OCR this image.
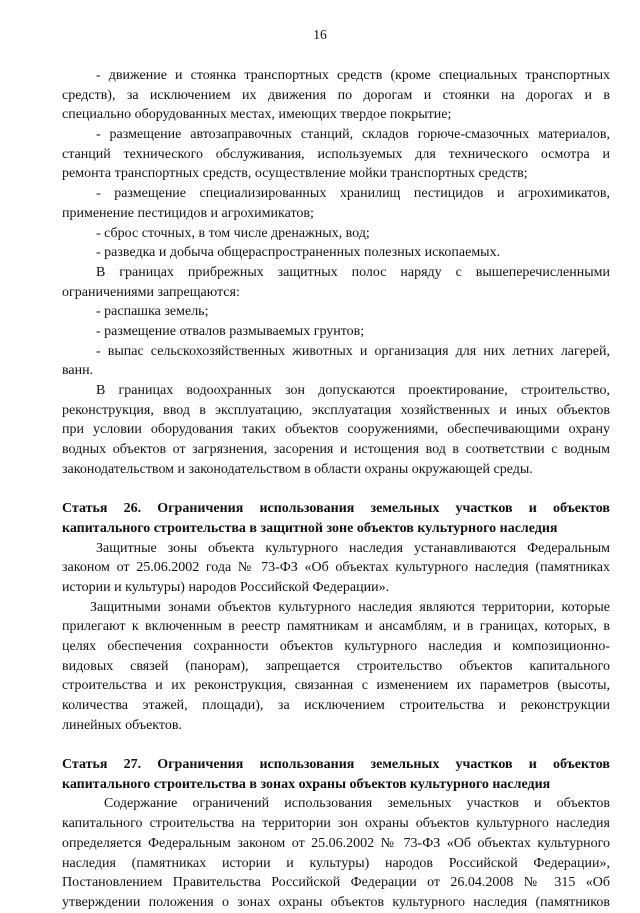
16
- движение и стоянка транспортных средств (кроме специальных транспортных
средств), за исключением их движения по дорогам и стоянки на дорогах и в
специально оборудованных местах, имеющих твердое покрытие;
- размещение автозаправочных станций, складов горюче-смазочных материалов,
станций технического обслуживания, используемых для технического осмотра и
ремонта транспортных средств, осуществление мойки транспортных средств;
- размещение специализированных хранилищ пестицидов и агрохимикатов,
применение пестицидов и агрохимикатов;
- сброс сточных, в том числе дренажных, вод;
- разведка и добыча общераспространенных полезных ископаемых.
В границах прибрежных защитных полос наряду с вышеперечисленными
ограничениями запрещаются:
- распашка земель;
- размещение отвалов размываемых грунтов;
- выпас сельскохозяйственных животных и организация для них летних лагерей,
ванн.
В границах водоохранных зон допускаются проектирование, строительство,
реконструкция, ввод в эксплуатацию, эксплуатация хозяйственных и иных объектов
при условии оборудования таких объектов сооружениями, обеспечивающими охрану
водных объектов от загрязнения, засорения и истощения вод в соответствии с водным
законодательством и законодательством в области охраны окружающей среды.
Статья 26. Ограничения использования земельных участков и объектов
капитального строительства в защитной зоне объектов культурного наследия
Защитные зоны объекта культурного наследия устанавливаются Федеральным
законом от 25.06.2002 года № 73-ФЗ «Об объектах культурного наследия (памятниках
истории и культуры) народов Российской Федерации».
Защитными зонами объектов культурного наследия являются территории, которые
прилегают к включенным в реестр памятникам и ансамблям, и в границах, которых, в
целях обеспечения сохранности объектов культурного наследия и композиционно-
видовых связей (панорам), запрещается строительство объектов капитального
строительства и их реконструкция, связанная с изменением их параметров (высоты,
количества этажей, площади), за исключением строительства и реконструкции
линейных объектов.
Статья 27. Ограничения использования земельных участков и объектов
капитального строительства в зонах охраны объектов культурного наследия
Содержание ограничений использования земельных участков и объектов
капитального строительства на территории зон охраны объектов культурного наследия
определяется Федеральным законом от 25.06.2002 № 73-ФЗ «Об объектах культурного
наследия (памятниках истории и культуры) народов Российской Федерации»,
Постановлением Правительства Российской Федерации от 26.04.2008 № 315 «Об
утверждении положения о зонах охраны объектов культурного наследия (памятников
